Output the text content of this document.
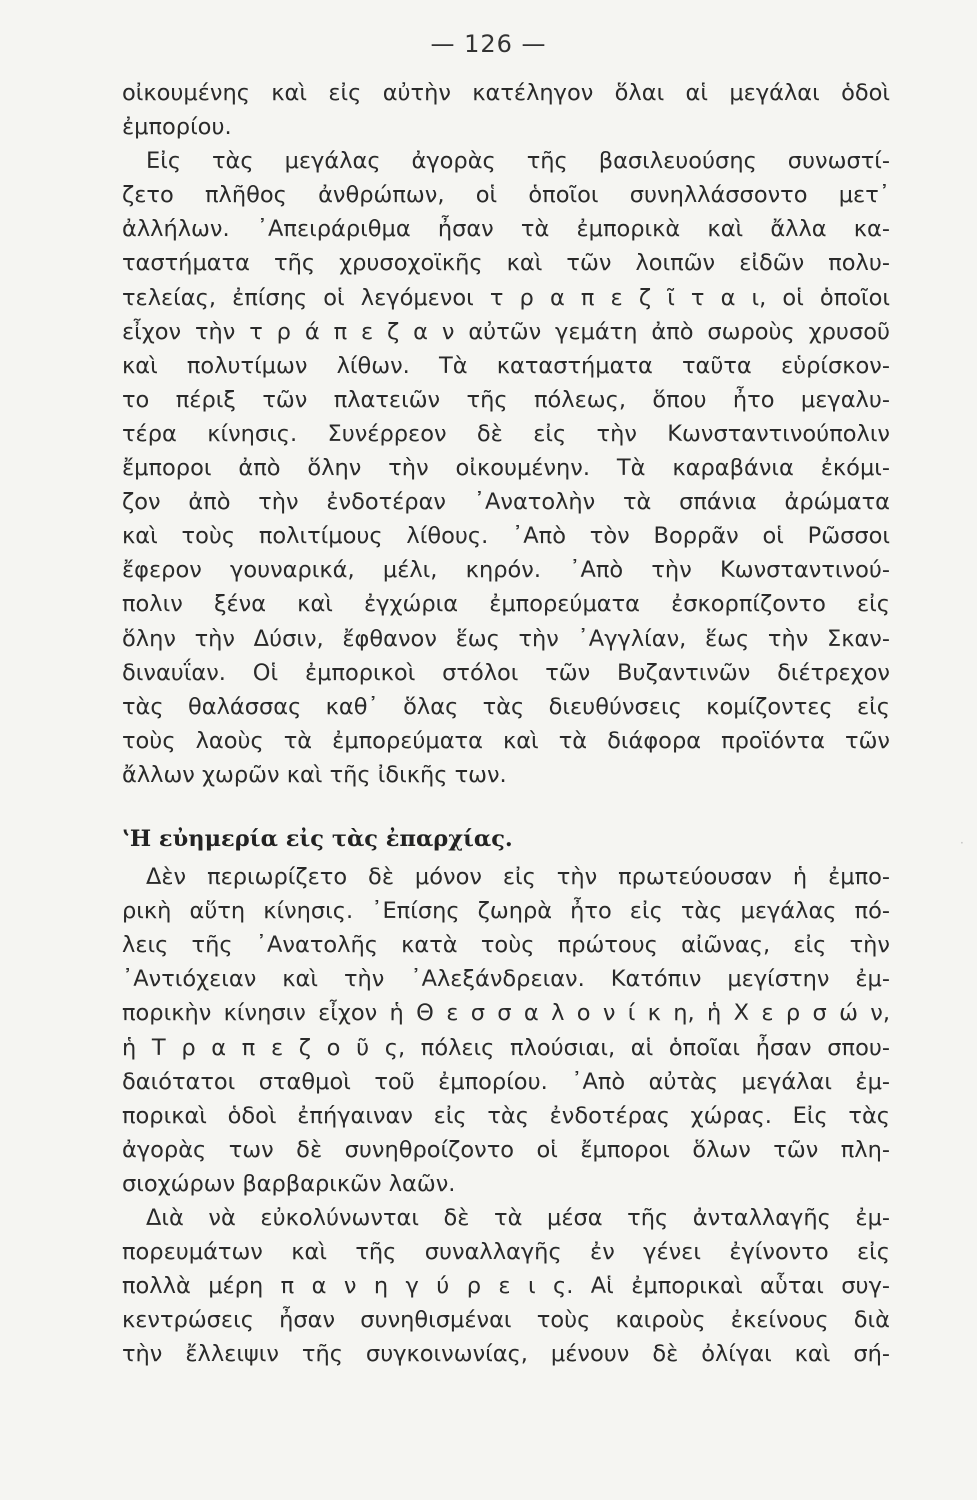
— 126 —
οἰκουμένης καὶ εἰς αὐτὴν κατέληγον ὅλαι αἱ μεγάλαι ὁδοὶ
ἐμπορίου.
Εἰς τὰς μεγάλας ἀγορὰς τῆς βασιλευούσης συνωστί-
ζετο πλῆθος ἀνθρώπων, οἱ ὁποῖοι συνηλλάσσοντο μετ᾽
ἀλλήλων. ᾽Απειράριθμα ἦσαν τὰ ἐμπορικὰ καὶ ἄλλα κα-
ταστήματα τῆς χρυσοχοϊκῆς καὶ τῶν λοιπῶν εἰδῶν πολυ-
τελείας, ἐπίσης οἱ λεγόμενοι τ ρ α π ε ζ ῖ τ α ι, οἱ ὁποῖοι
εἶχον τὴν τ ρ ά π ε ζ α ν αὐτῶν γεμάτη ἀπὸ σωροὺς χρυσοῦ
καὶ πολυτίμων λίθων. Τὰ καταστήματα ταῦτα εὑρίσκον-
το πέριξ τῶν πλατειῶν τῆς πόλεως, ὅπου ἦτο μεγαλυ-
τέρα κίνησις. Συνέρρεον δὲ εἰς τὴν Κωνσταντινούπολιν
ἔμποροι ἀπὸ ὅλην τὴν οἰκουμένην. Τὰ καραβάνια ἐκόμι-
ζον ἀπὸ τὴν ἐνδοτέραν ᾽Ανατολὴν τὰ σπάνια ἀρώματα
καὶ τοὺς πολιτίμους λίθους. ᾽Απὸ τὸν Βορρᾶν οἱ Ρῶσσοι
ἔφερον γουναρικά, μέλι, κηρόν. ᾽Απὸ τὴν Κωνσταντινού-
πολιν ξένα καὶ ἐγχώρια ἐμπορεύματα ἐσκορπίζοντο εἰς
ὅλην τὴν Δύσιν, ἔφθανον ἕως τὴν ᾽Αγγλίαν, ἕως τὴν Σκαν-
διναυΐαν. Οἱ ἐμπορικοὶ στόλοι τῶν Βυζαντινῶν διέτρεχον
τὰς θαλάσσας καθ᾽ ὅλας τὰς διευθύνσεις κομίζοντες εἰς
τοὺς λαοὺς τὰ ἐμπορεύματα καὶ τὰ διάφορα προϊόντα τῶν
ἄλλων χωρῶν καὶ τῆς ἰδικῆς των.
ʽΗ εὐημερία εἰς τὰς ἐπαρχίας.
Δὲν περιωρίζετο δὲ μόνον εἰς τὴν πρωτεύουσαν ἡ ἐμπο-
ρικὴ αὕτη κίνησις. ᾽Επίσης ζωηρὰ ἦτο εἰς τὰς μεγάλας πό-
λεις τῆς ᾽Ανατολῆς κατὰ τοὺς πρώτους αἰῶνας, εἰς τὴν
᾽Αντιόχειαν καὶ τὴν ᾽Αλεξάνδρειαν. Κατόπιν μεγίστην ἐμ-
πορικὴν κίνησιν εἶχον ἡ Θ ε σ σ α λ ο ν ί κ η, ἡ Χ ε ρ σ ώ ν,
ἡ Τ ρ α π ε ζ ο ῦ ς, πόλεις πλούσιαι, αἱ ὁποῖαι ἦσαν σπου-
δαιότατοι σταθμοὶ τοῦ ἐμπορίου. ᾽Απὸ αὐτὰς μεγάλαι ἐμ-
πορικαὶ ὁδοὶ ἐπήγαιναν εἰς τὰς ἐνδοτέρας χώρας. Εἰς τὰς
ἀγορὰς των δὲ συνηθροίζοντο οἱ ἔμποροι ὅλων τῶν πλη-
σιοχώρων βαρβαρικῶν λαῶν.
Διὰ νὰ εὐκολύνωνται δὲ τὰ μέσα τῆς ἀνταλλαγῆς ἐμ-
πορευμάτων καὶ τῆς συναλλαγῆς ἐν γένει ἐγίνοντο εἰς
πολλὰ μέρη π α ν η γ ύ ρ ε ι ς. Αἱ ἐμπορικαὶ αὗται συγ-
κεντρώσεις ἦσαν συνηθισμέναι τοὺς καιροὺς ἐκείνους διὰ
τὴν ἔλλειψιν τῆς συγκοινωνίας, μένουν δὲ ὀλίγαι καὶ σή-
·
